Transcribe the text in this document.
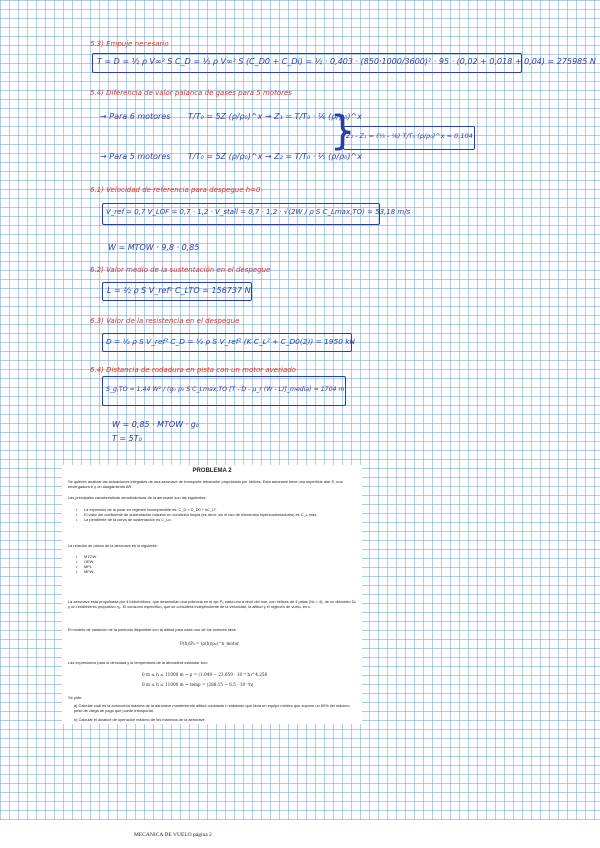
5.3) Empuje necesario
T = D = ½ ρ V∞² S C_D = ½ ρ V∞² S (C_D0 + C_Di) = ½ · 0,403 · (850·1000/3600)² · 95 · (0,02 + 0,018 + 0,04) = 275985 N
5.4) Diferencia de valor palanca de gases para 5 motores
→ Para 6 motores T/T₀ = 5Z (ρ/ρ₀)^x → Z₁ = T/T₀ · ⅙ (ρ/ρ₀)^x
→ Para 5 motores T/T₀ = 5Z (ρ/ρ₀)^x → Z₂ = T/T₀ · ⅕ (ρ/ρ₀)^x
}
Z₂ - Z₁ = (⅕ - ⅙) T/T₀ (ρ/ρ₀)^x = 0,104
6.1) Velocidad de referencia para despegue h=0
V_ref = 0,7 V_LOF = 0,7 · 1,2 · V_stall = 0,7 · 1,2 · √(2W / ρ S C_Lmax,TO) = 53,18 m/s
W = MTOW · 9,8 · 0,85
6.2) Valor medio de la sustentación en el despegue
L = ½ ρ S V_ref² C_LTO = 156737 N
6.3) Valor de la resistencia en el despegue
D = ½ ρ S V_ref² C_D = ½ ρ S V_ref² (K C_L² + C_D0(2)) = 1950 kN
6.4) Distancia de rodadura en pista con un motor averiado
S_g,TO = 1,44 W² / (g₀ ρ₀ S C_Lmax,TO [T - D - μ_r (W - L)]_media) = 1704 m
W = 0,85 · MTOW · g₀
T = 5T₀
PROBLEMA 2

Se quieren analizar las actuaciones integrales de una aeronave de transporte tetramotor propulsado por hélices. Esta aeronave tiene una superficie alar S, una envergadura b y un alargamiento AR.

Las principales características aerodinámicas de la aeronave son las siguientes:

• La expresión de la polar en régimen incompresible es: C_D = C_D0 + kC_L².
• El valor del coeficiente de sustentación máximo en condición limpia (es decir, sin el uso de elementos hipersustentadores) es C_L,max.
• La pendiente de la curva de sustentación es C_Lα.

La relación de pesos de la aeronave es la siguiente:

• MTOW
• OEW
• MPL
• MFW

La aeronave está propulsada por 4 turbohélices, que desarrollan una potencia en el eje P₀ cada uno a nivel del mar, con hélices de 4 palas (Nₕ = 4), de un diámetro Dₕ y un rendimiento propulsivo ηₚ. El consumo específico, que se considera independiente de la velocidad, la altitud y el régimen de vuelo, es c.

El modelo de variación de la potencia disponible con la altitud para cada uno de los motores será:

P(h)/P₀ = (ρ(h)/ρ₀)^n_motor

Las expresiones para la densidad y la temperatura de la atmósfera estándar son:

0 m ≤ h ≤ 11000 m → ρ = (1.049 − 23.659 · 10⁻⁶ h)^4.256
0 m ≤ h ≤ 11000 m → temp = (288.15 − 6.5 · 10⁻³h)

Se pide:

a) Calcular cuál es la autonomía máxima de la aeronave manteniendo altitud constante h sabiendo que lleva un equipo médico que supone un 80% del máximo peso de carga de pago que puede transportar.

b) Calcular el alcance de operación máximo de los máximos de la aeronave.

MECANICA DE VUELO página 2
